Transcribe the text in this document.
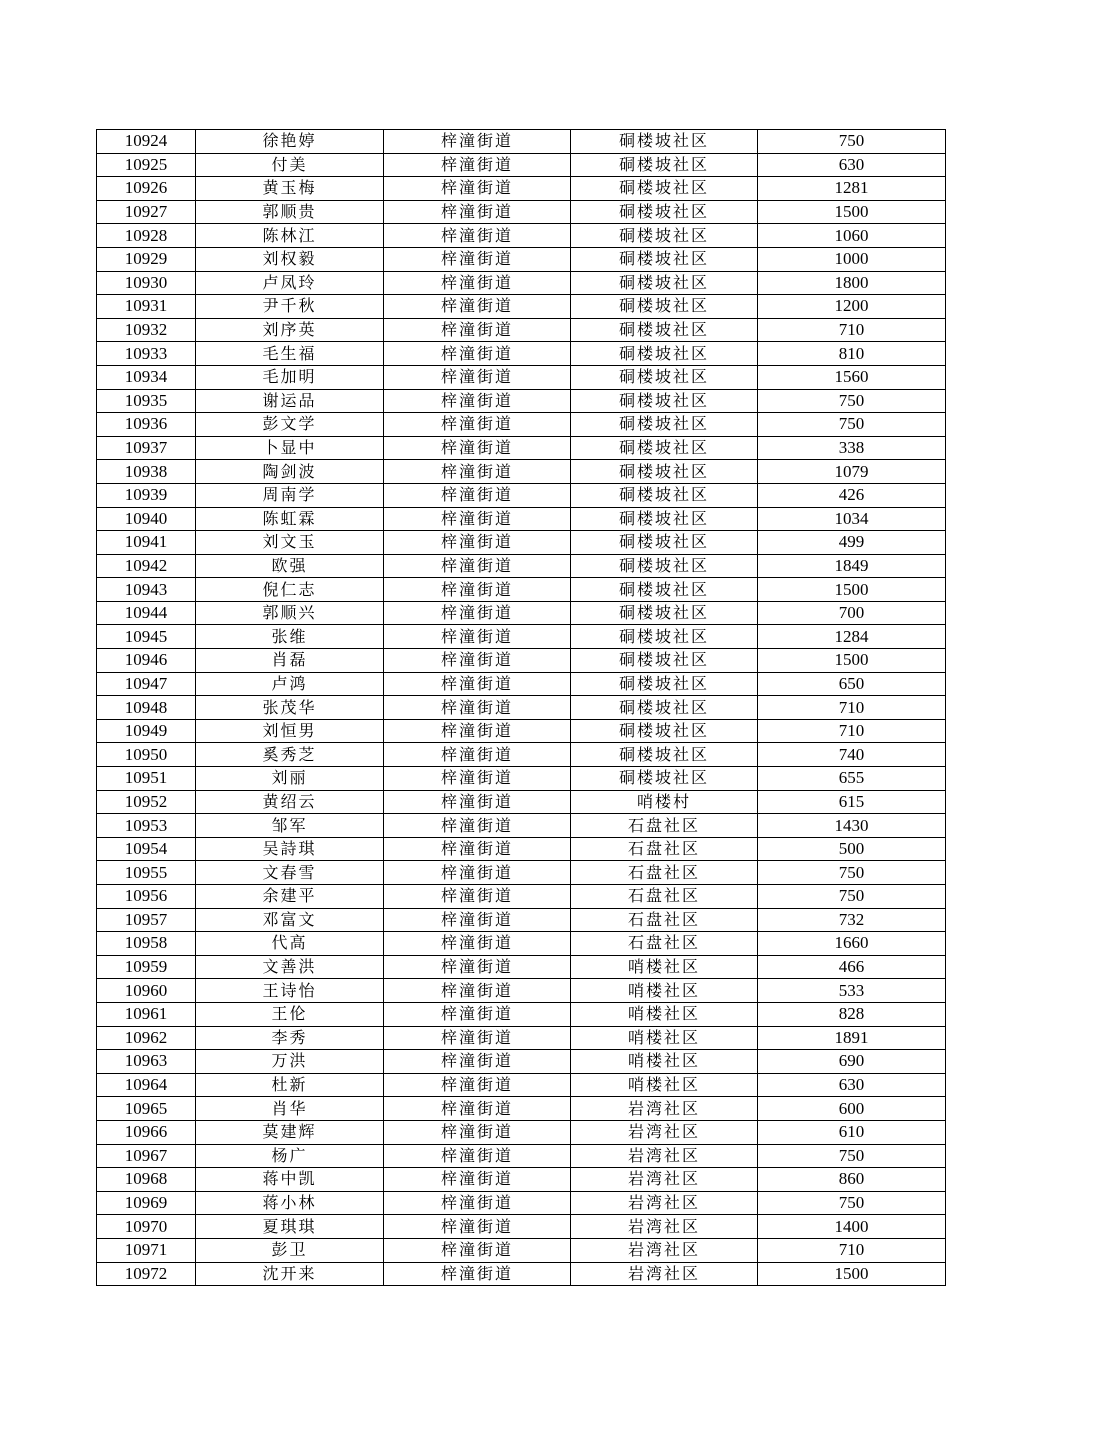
10924	徐艳婷	梓潼街道	硐楼坡社区	750
10925	付美	梓潼街道	硐楼坡社区	630
10926	黄玉梅	梓潼街道	硐楼坡社区	1281
10927	郭顺贵	梓潼街道	硐楼坡社区	1500
10928	陈林江	梓潼街道	硐楼坡社区	1060
10929	刘权毅	梓潼街道	硐楼坡社区	1000
10930	卢凤玲	梓潼街道	硐楼坡社区	1800
10931	尹千秋	梓潼街道	硐楼坡社区	1200
10932	刘序英	梓潼街道	硐楼坡社区	710
10933	毛生福	梓潼街道	硐楼坡社区	810
10934	毛加明	梓潼街道	硐楼坡社区	1560
10935	谢运品	梓潼街道	硐楼坡社区	750
10936	彭文学	梓潼街道	硐楼坡社区	750
10937	卜显中	梓潼街道	硐楼坡社区	338
10938	陶剑波	梓潼街道	硐楼坡社区	1079
10939	周南学	梓潼街道	硐楼坡社区	426
10940	陈虹霖	梓潼街道	硐楼坡社区	1034
10941	刘文玉	梓潼街道	硐楼坡社区	499
10942	欧强	梓潼街道	硐楼坡社区	1849
10943	倪仁志	梓潼街道	硐楼坡社区	1500
10944	郭顺兴	梓潼街道	硐楼坡社区	700
10945	张维	梓潼街道	硐楼坡社区	1284
10946	肖磊	梓潼街道	硐楼坡社区	1500
10947	卢鸿	梓潼街道	硐楼坡社区	650
10948	张茂华	梓潼街道	硐楼坡社区	710
10949	刘恒男	梓潼街道	硐楼坡社区	710
10950	奚秀芝	梓潼街道	硐楼坡社区	740
10951	刘丽	梓潼街道	硐楼坡社区	655
10952	黄绍云	梓潼街道	哨楼村	615
10953	邹军	梓潼街道	石盘社区	1430
10954	吴詩琪	梓潼街道	石盘社区	500
10955	文春雪	梓潼街道	石盘社区	750
10956	余建平	梓潼街道	石盘社区	750
10957	邓富文	梓潼街道	石盘社区	732
10958	代高	梓潼街道	石盘社区	1660
10959	文善洪	梓潼街道	哨楼社区	466
10960	王诗怡	梓潼街道	哨楼社区	533
10961	王伦	梓潼街道	哨楼社区	828
10962	李秀	梓潼街道	哨楼社区	1891
10963	万洪	梓潼街道	哨楼社区	690
10964	杜新	梓潼街道	哨楼社区	630
10965	肖华	梓潼街道	岩湾社区	600
10966	莫建辉	梓潼街道	岩湾社区	610
10967	杨广	梓潼街道	岩湾社区	750
10968	蒋中凯	梓潼街道	岩湾社区	860
10969	蒋小林	梓潼街道	岩湾社区	750
10970	夏琪琪	梓潼街道	岩湾社区	1400
10971	彭卫	梓潼街道	岩湾社区	710
10972	沈开来	梓潼街道	岩湾社区	1500
